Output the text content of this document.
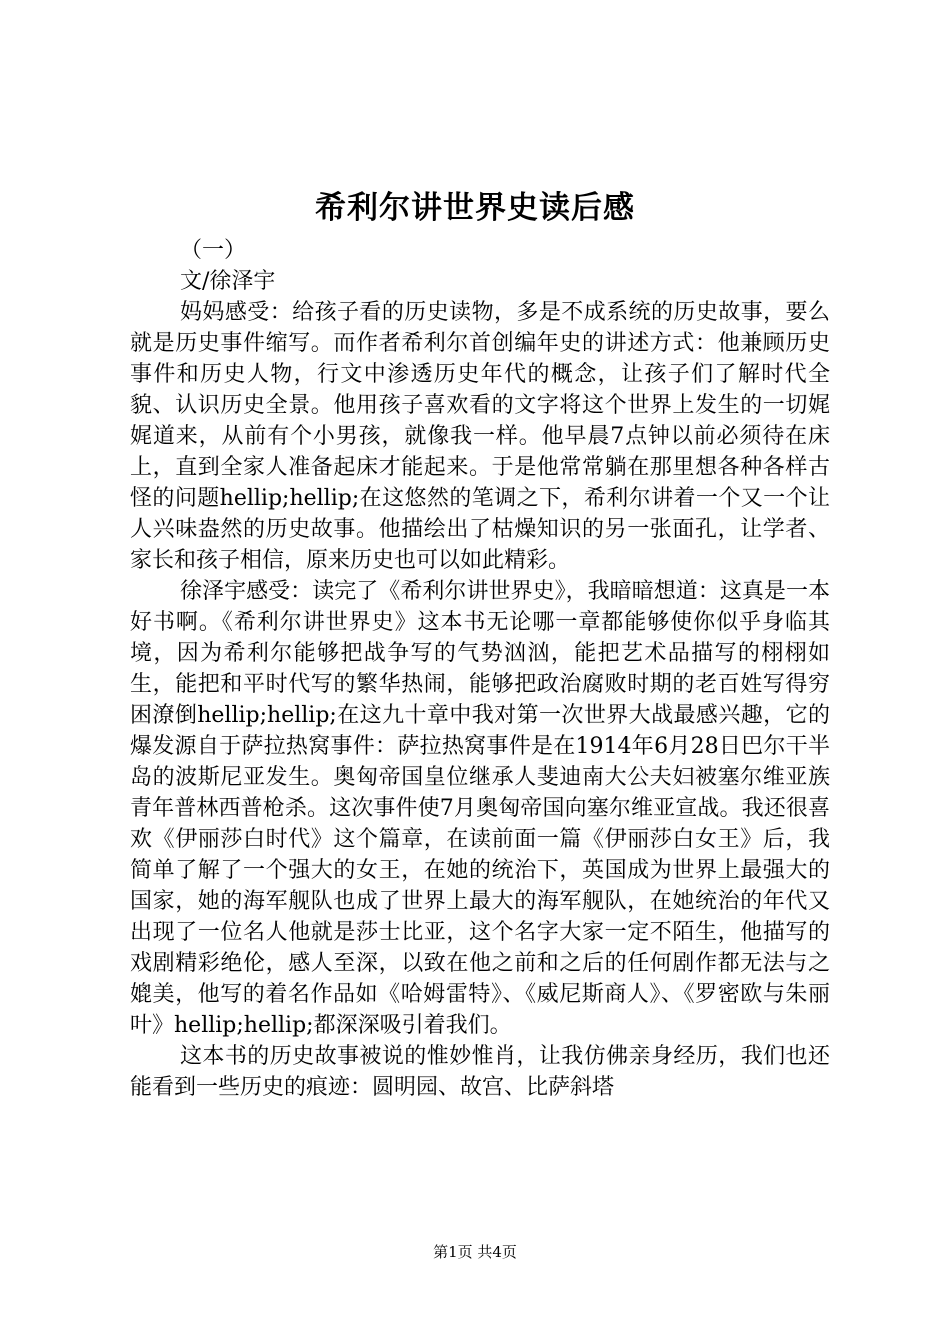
希利尔讲世界史读后感

（一）

文/徐泽宇

妈妈感受：给孩子看的历史读物，多是不成系统的历史故事，要么就是历史事件缩写。而作者希利尔首创编年史的讲述方式：他兼顾历史事件和历史人物，行文中渗透历史年代的概念，让孩子们了解时代全貌、认识历史全景。他用孩子喜欢看的文字将这个世界上发生的一切娓娓道来，从前有个小男孩，就像我一样。他早晨7点钟以前必须待在床上，直到全家人准备起床才能起来。于是他常常躺在那里想各种各样古怪的问题hellip;hellip;在这悠然的笔调之下，希利尔讲着一个又一个让人兴味盎然的历史故事。他描绘出了枯燥知识的另一张面孔，让学者、家长和孩子相信，原来历史也可以如此精彩。

徐泽宇感受：读完了《希利尔讲世界史》，我暗暗想道：这真是一本好书啊。《希利尔讲世界史》这本书无论哪一章都能够使你似乎身临其境，因为希利尔能够把战争写的气势汹汹，能把艺术品描写的栩栩如生，能把和平时代写的繁华热闹，能够把政治腐败时期的老百姓写得穷困潦倒hellip;hellip;在这九十章中我对第一次世界大战最感兴趣，它的爆发源自于萨拉热窝事件：萨拉热窝事件是在1914年6月28日巴尔干半岛的波斯尼亚发生。奥匈帝国皇位继承人斐迪南大公夫妇被塞尔维亚族青年普林西普枪杀。这次事件使7月奥匈帝国向塞尔维亚宣战。我还很喜欢《伊丽莎白时代》这个篇章，在读前面一篇《伊丽莎白女王》后，我简单了解了一个强大的女王，在她的统治下，英国成为世界上最强大的国家，她的海军舰队也成了世界上最大的海军舰队，在她统治的年代又出现了一位名人他就是莎士比亚，这个名字大家一定不陌生，他描写的戏剧精彩绝伦，感人至深，以致在他之前和之后的任何剧作都无法与之媲美，他写的着名作品如《哈姆雷特》、《威尼斯商人》、《罗密欧与朱丽叶》hellip;hellip;都深深吸引着我们。

这本书的历史故事被说的惟妙惟肖，让我仿佛亲身经历，我们也还能看到一些历史的痕迹：圆明园、故宫、比萨斜塔

第1页 共4页
